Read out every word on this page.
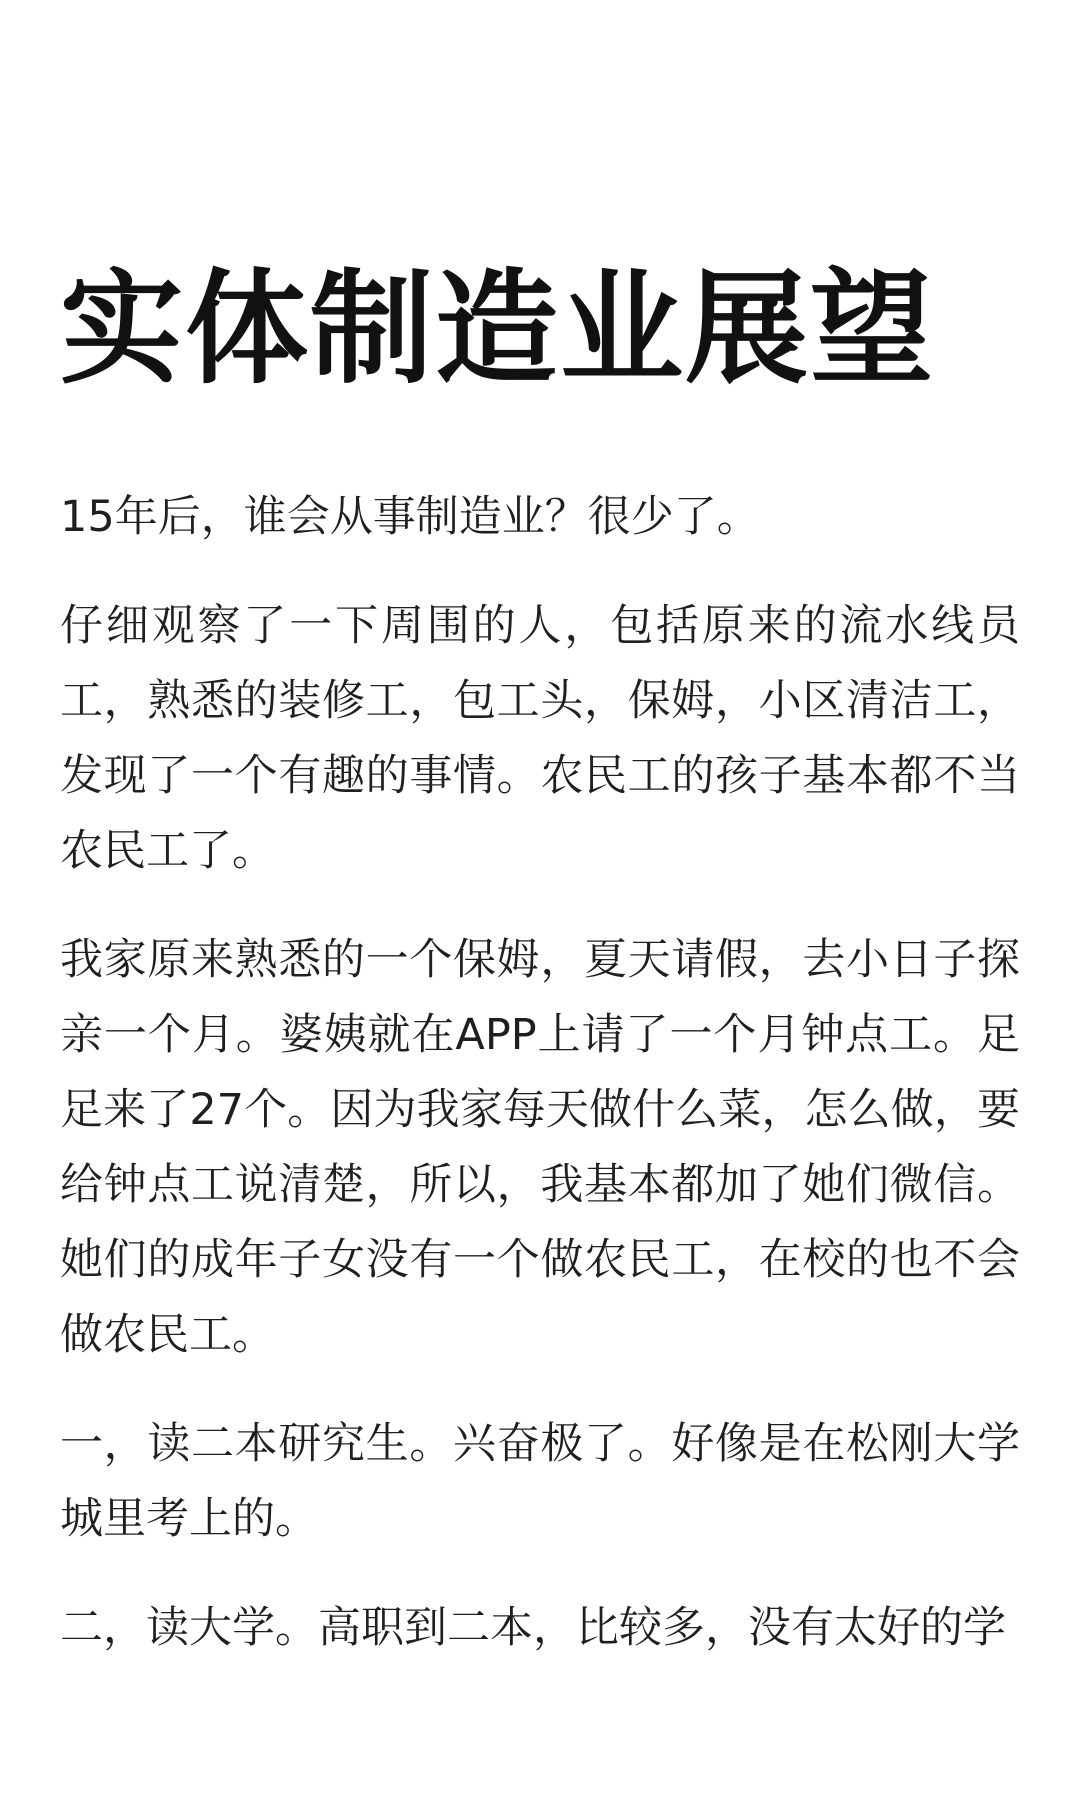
实体制造业展望

15年后，谁会从事制造业？很少了。

仔细观察了一下周围的人，包括原来的流水线员工，熟悉的装修工，包工头，保姆，小区清洁工，发现了一个有趣的事情。农民工的孩子基本都不当农民工了。

我家原来熟悉的一个保姆，夏天请假，去小日子探亲一个月。婆姨就在APP上请了一个月钟点工。足足来了27个。因为我家每天做什么菜，怎么做，要给钟点工说清楚，所以，我基本都加了她们微信。她们的成年子女没有一个做农民工，在校的也不会做农民工。

一，读二本研究生。兴奋极了。好像是在松刚大学城里考上的。

二，读大学。高职到二本，比较多，没有太好的学
